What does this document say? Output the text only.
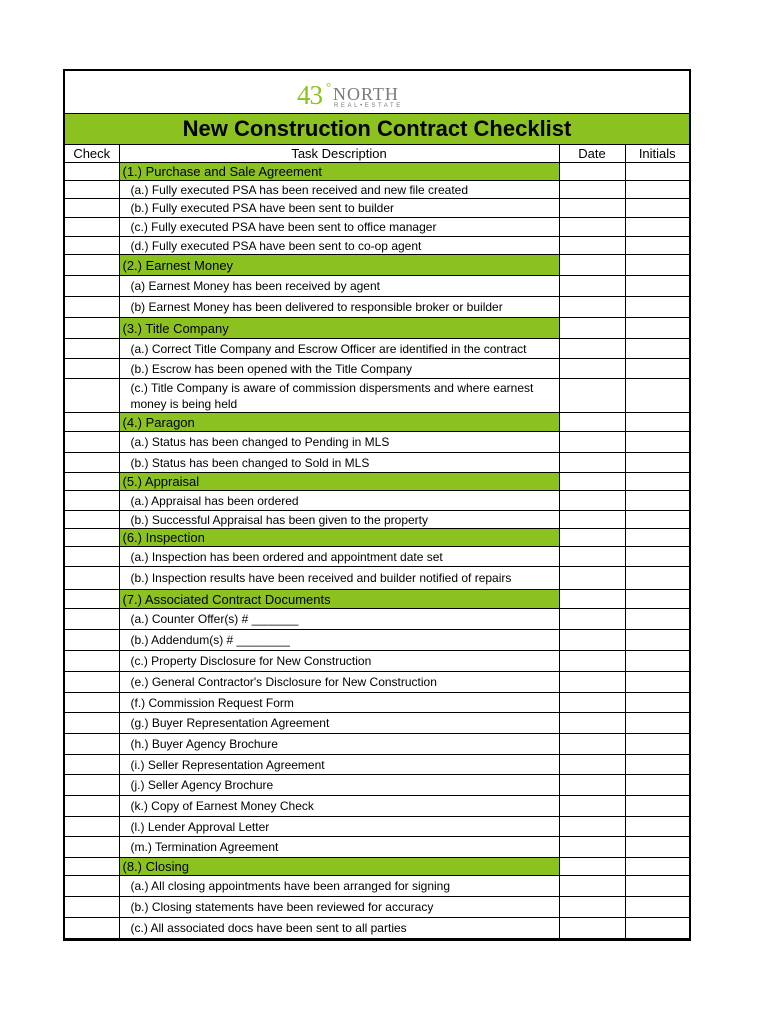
43 ° NORTH
REAL•ESTATE
New Construction Contract Checklist
Check	Task Description	Date	Initials
	(1.) Purchase and Sale Agreement		
	(a.) Fully executed PSA has been received and new file created		
	(b.) Fully executed PSA have been sent to builder		
	(c.) Fully executed PSA have been sent to office manager		
	(d.) Fully executed PSA have been sent to co-op agent		
	(2.) Earnest Money		
	(a) Earnest Money has been received by agent		
	(b) Earnest Money has been delivered to responsible broker or builder		
	(3.) Title Company		
	(a.) Correct Title Company and Escrow Officer are identified in the contract		
	(b.) Escrow has been opened with the Title Company		
	(c.) Title Company is aware of commission dispersments and where earnest money is being held		
	(4.) Paragon		
	(a.) Status has been changed to Pending in MLS		
	(b.) Status has been changed to Sold in MLS		
	(5.) Appraisal		
	(a.) Appraisal has been ordered		
	(b.) Successful Appraisal has been given to the property		
	(6.) Inspection		
	(a.) Inspection has been ordered and appointment date set		
	(b.) Inspection results have been received and builder notified of repairs		
	(7.) Associated Contract Documents		
	(a.) Counter Offer(s) # _______		
	(b.) Addendum(s) # ________		
	(c.) Property Disclosure for New Construction		
	(e.) General Contractor's Disclosure for New Construction		
	(f.) Commission Request Form		
	(g.) Buyer Representation Agreement		
	(h.) Buyer Agency Brochure		
	(i.) Seller Representation Agreement		
	(j.) Seller Agency Brochure		
	(k.) Copy of Earnest Money Check		
	(l.) Lender Approval Letter		
	(m.) Termination Agreement		
	(8.) Closing		
	(a.) All closing appointments have been arranged for signing		
	(b.) Closing statements have been reviewed for accuracy		
	(c.) All associated docs have been sent to all parties		
